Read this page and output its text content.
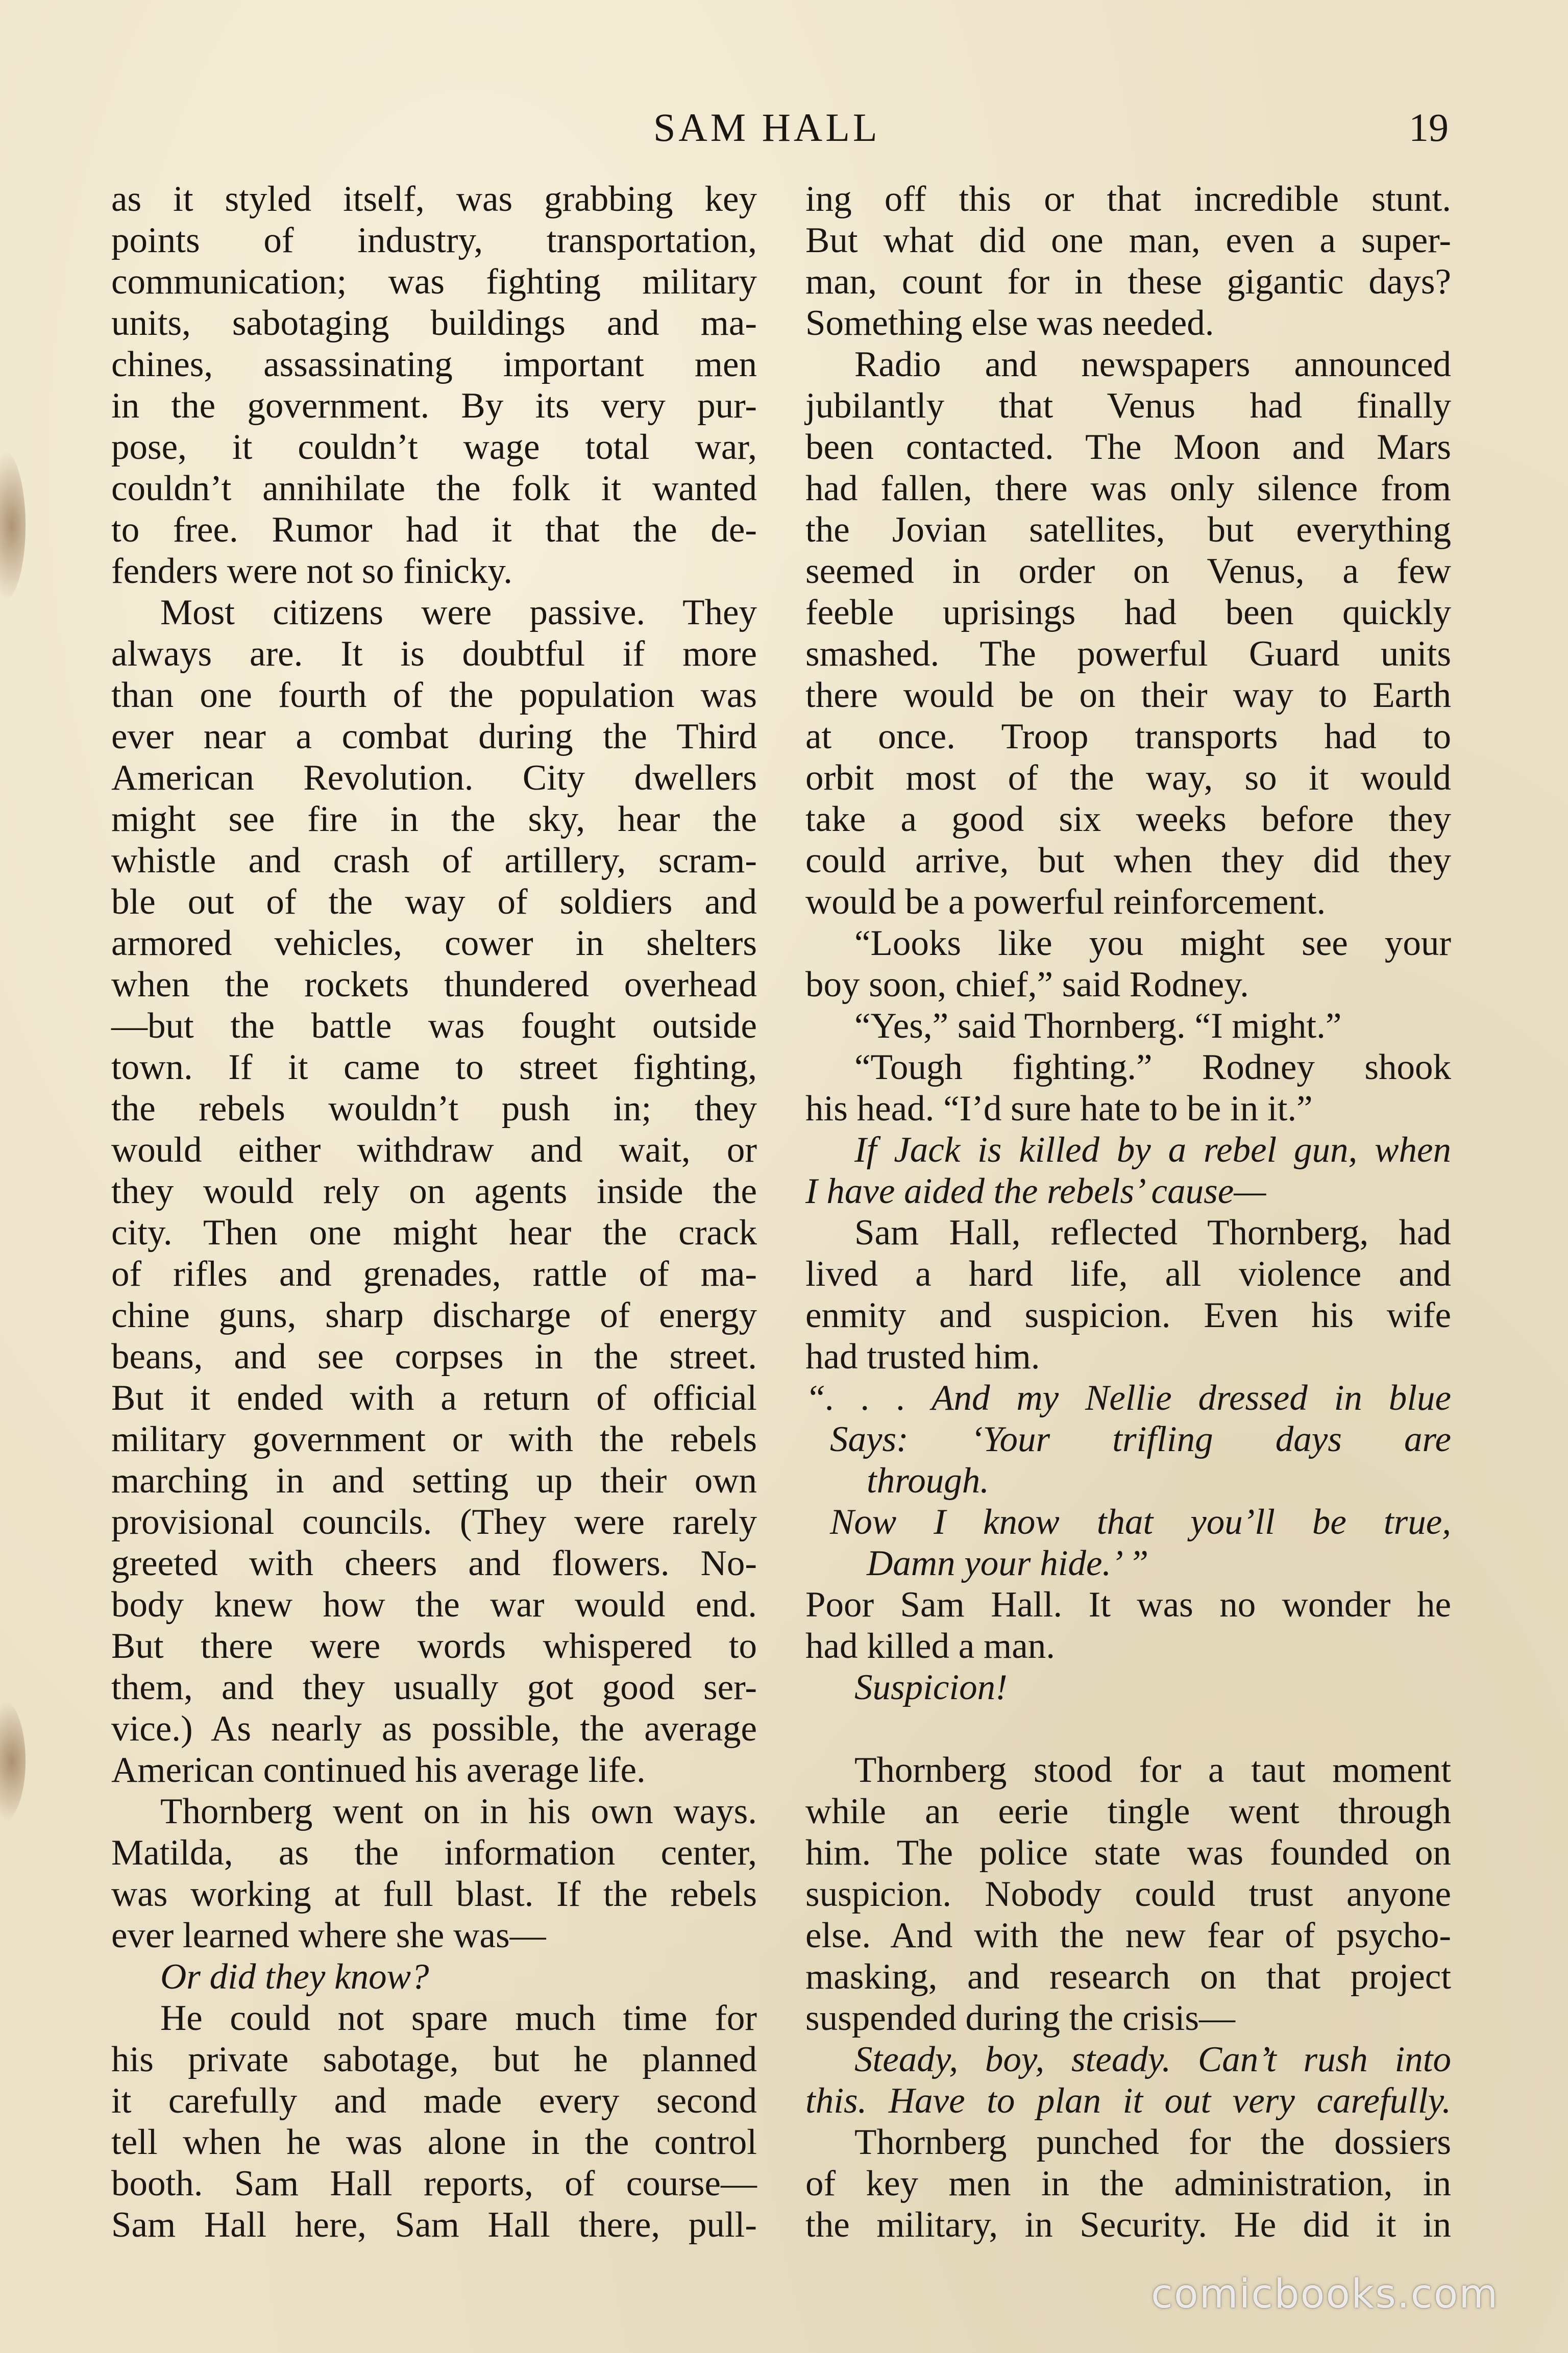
SAM HALL	19
as it styled itself, was grabbing key
points of industry, transportation,
communication; was fighting military
units, sabotaging buildings and ma-
chines, assassinating important men
in the government. By its very pur-
pose, it couldn’t wage total war,
couldn’t annihilate the folk it wanted
to free. Rumor had it that the de-
fenders were not so finicky.
Most citizens were passive. They
always are. It is doubtful if more
than one fourth of the population was
ever near a combat during the Third
American Revolution. City dwellers
might see fire in the sky, hear the
whistle and crash of artillery, scram-
ble out of the way of soldiers and
armored vehicles, cower in shelters
when the rockets thundered overhead
—but the battle was fought outside
town. If it came to street fighting,
the rebels wouldn’t push in; they
would either withdraw and wait, or
they would rely on agents inside the
city. Then one might hear the crack
of rifles and grenades, rattle of ma-
chine guns, sharp discharge of energy
beans, and see corpses in the street.
But it ended with a return of official
military government or with the rebels
marching in and setting up their own
provisional councils. (They were rarely
greeted with cheers and flowers. No-
body knew how the war would end.
But there were words whispered to
them, and they usually got good ser-
vice.) As nearly as possible, the average
American continued his average life.
Thornberg went on in his own ways.
Matilda, as the information center,
was working at full blast. If the rebels
ever learned where she was—
Or did they know?
He could not spare much time for
his private sabotage, but he planned
it carefully and made every second
tell when he was alone in the control
booth. Sam Hall reports, of course—
Sam Hall here, Sam Hall there, pull-
ing off this or that incredible stunt.
But what did one man, even a super-
man, count for in these gigantic days?
Something else was needed.
Radio and newspapers announced
jubilantly that Venus had finally
been contacted. The Moon and Mars
had fallen, there was only silence from
the Jovian satellites, but everything
seemed in order on Venus, a few
feeble uprisings had been quickly
smashed. The powerful Guard units
there would be on their way to Earth
at once. Troop transports had to
orbit most of the way, so it would
take a good six weeks before they
could arrive, but when they did they
would be a powerful reinforcement.
“Looks like you might see your
boy soon, chief,” said Rodney.
“Yes,” said Thornberg. “I might.”
“Tough fighting.” Rodney shook
his head. “I’d sure hate to be in it.”
If Jack is killed by a rebel gun, when
I have aided the rebels’ cause—
Sam Hall, reflected Thornberg, had
lived a hard life, all violence and
enmity and suspicion. Even his wife
had trusted him.
“. . . And my Nellie dressed in blue
Says: ‘Your trifling days are
through.
Now I know that you’ll be true,
Damn your hide.’ ”
Poor Sam Hall. It was no wonder he
had killed a man.
Suspicion!
Thornberg stood for a taut moment
while an eerie tingle went through
him. The police state was founded on
suspicion. Nobody could trust anyone
else. And with the new fear of psycho-
masking, and research on that project
suspended during the crisis—
Steady, boy, steady. Can’t rush into
this. Have to plan it out very carefully.
Thornberg punched for the dossiers
of key men in the administration, in
the military, in Security. He did it in
comicbooks.com
